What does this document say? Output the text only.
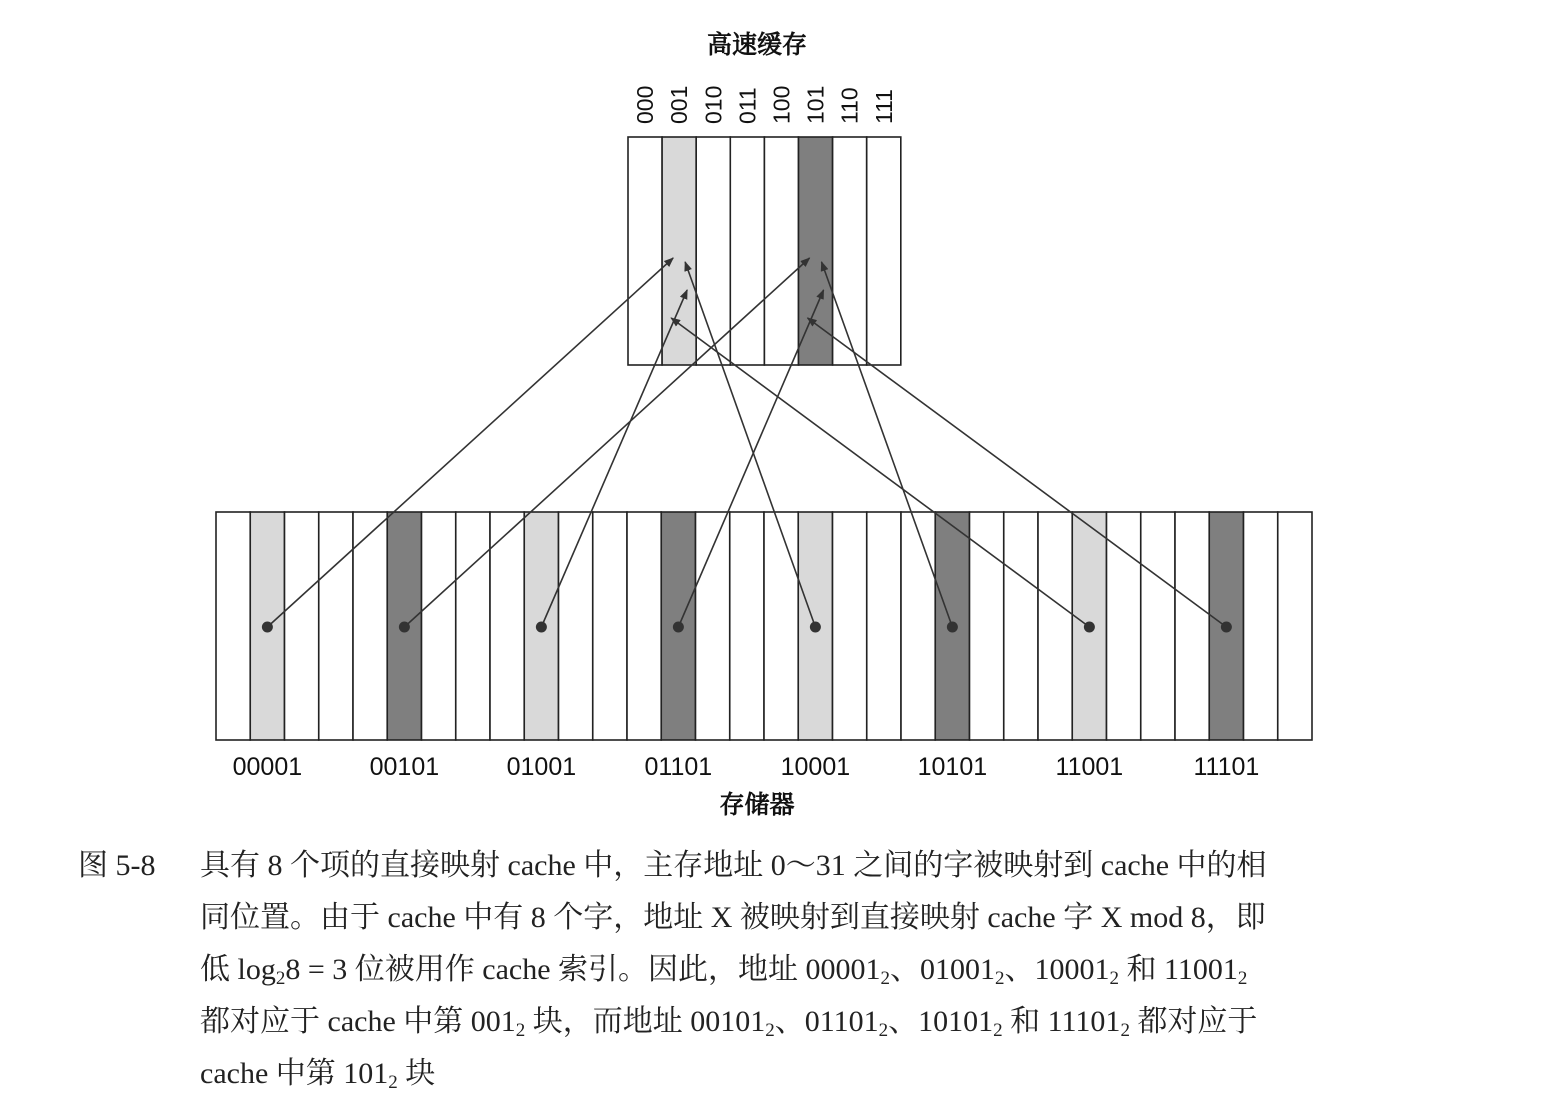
高速缓存
000 001 010 011 100 101 110 111
00001	00101	01001	01101	10001	10101	11001	11101
存储器
图 5-8	具有 8 个项的直接映射 cache 中，主存地址 0～31 之间的字被映射到 cache 中的相
同位置。由于 cache 中有 8 个字，地址 X 被映射到直接映射 cache 字 X mod 8，即
低 $\log_28 = 3$ 位被用作 cache 索引。因此，地址 $00001_2$、$01001_2$、$10001_2$ 和 $11001_2$
都对应于 cache 中第 $001_2$ 块，而地址 $00101_2$、$01101_2$、$10101_2$ 和 $11101_2$ 都对应于
cache 中第 $101_2$ 块
